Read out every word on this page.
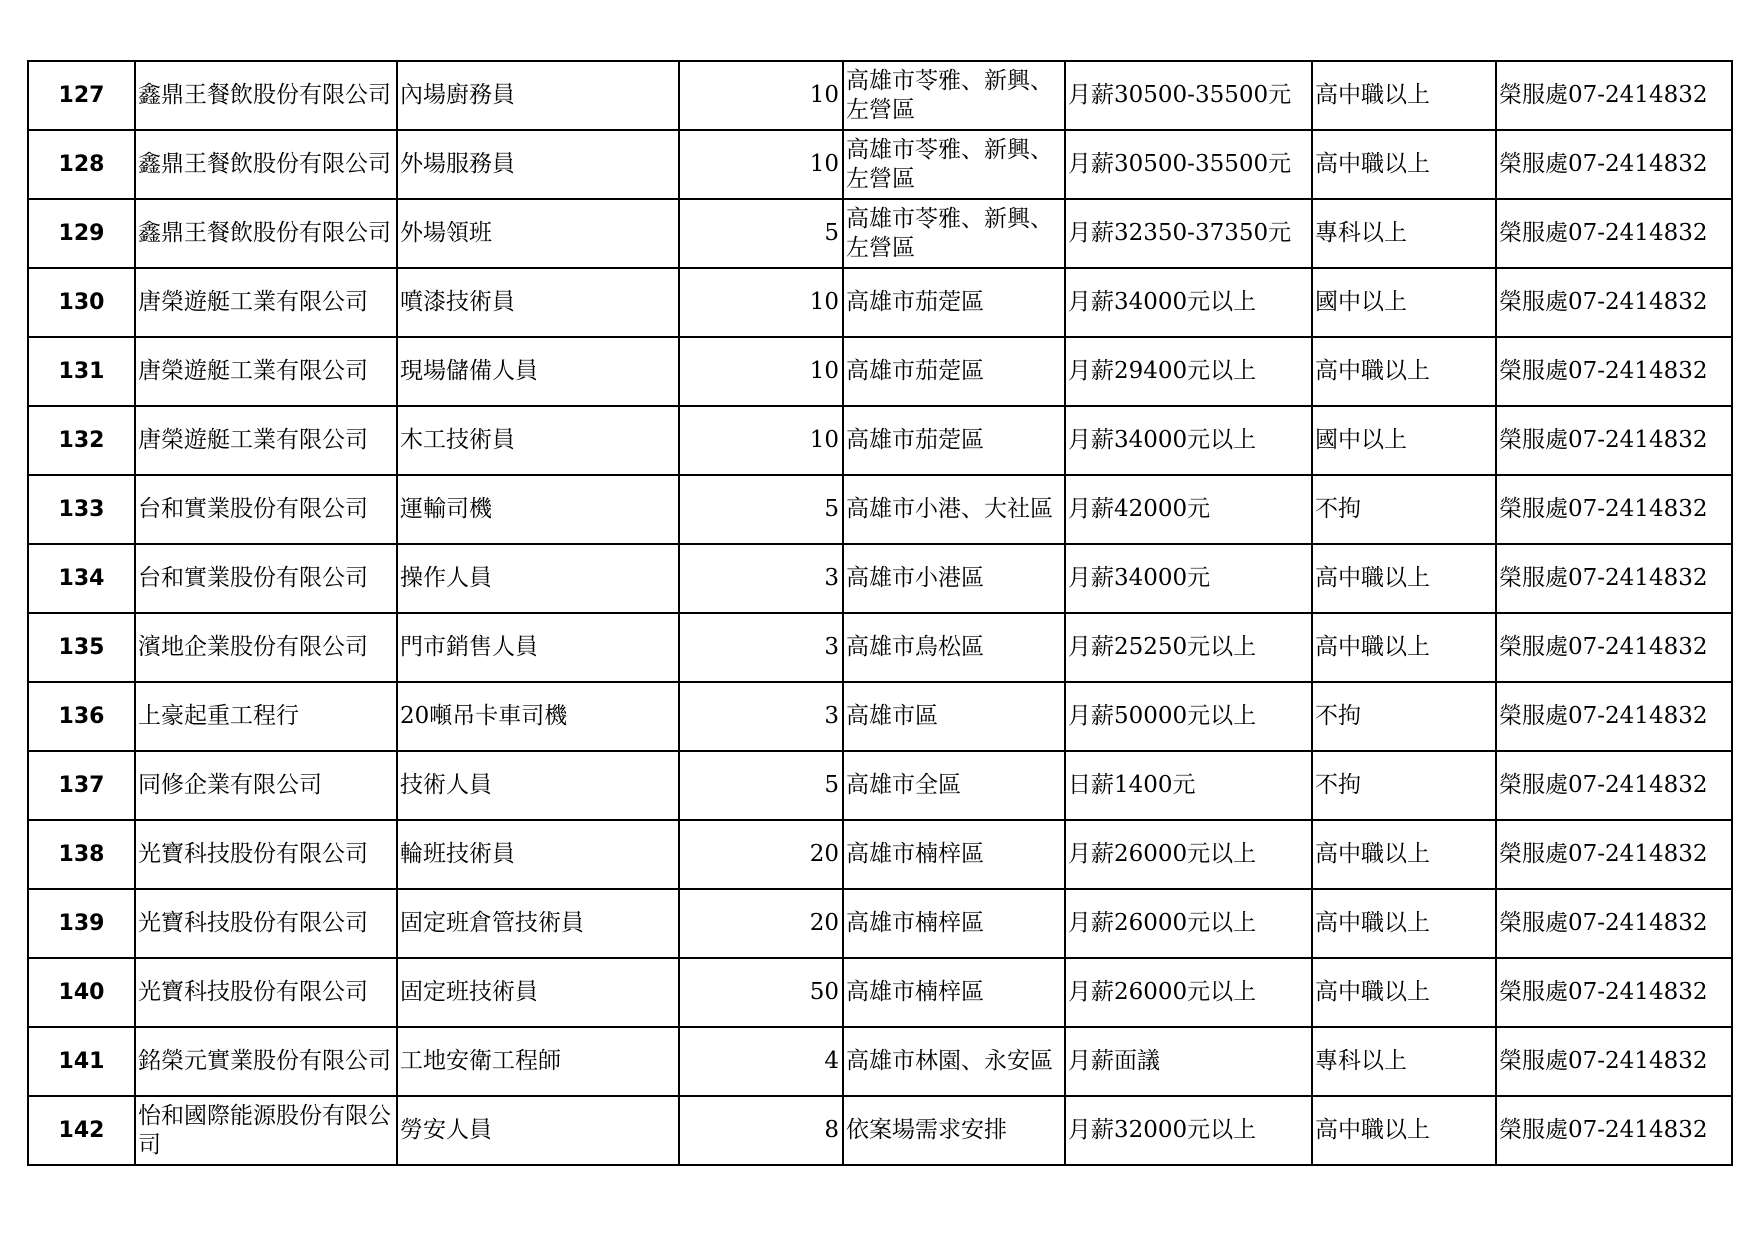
127	鑫鼎王餐飲股份有限公司	內場廚務員	10	高雄市苓雅、新興、左營區	月薪30500-35500元	高中職以上	榮服處07-2414832
128	鑫鼎王餐飲股份有限公司	外場服務員	10	高雄市苓雅、新興、左營區	月薪30500-35500元	高中職以上	榮服處07-2414832
129	鑫鼎王餐飲股份有限公司	外場領班	5	高雄市苓雅、新興、左營區	月薪32350-37350元	專科以上	榮服處07-2414832
130	唐榮遊艇工業有限公司	噴漆技術員	10	高雄市茄萣區	月薪34000元以上	國中以上	榮服處07-2414832
131	唐榮遊艇工業有限公司	現場儲備人員	10	高雄市茄萣區	月薪29400元以上	高中職以上	榮服處07-2414832
132	唐榮遊艇工業有限公司	木工技術員	10	高雄市茄萣區	月薪34000元以上	國中以上	榮服處07-2414832
133	台和實業股份有限公司	運輸司機	5	高雄市小港、大社區	月薪42000元	不拘	榮服處07-2414832
134	台和實業股份有限公司	操作人員	3	高雄市小港區	月薪34000元	高中職以上	榮服處07-2414832
135	濱地企業股份有限公司	門市銷售人員	3	高雄市鳥松區	月薪25250元以上	高中職以上	榮服處07-2414832
136	上豪起重工程行	20噸吊卡車司機	3	高雄市區	月薪50000元以上	不拘	榮服處07-2414832
137	同修企業有限公司	技術人員	5	高雄市全區	日薪1400元	不拘	榮服處07-2414832
138	光寶科技股份有限公司	輪班技術員	20	高雄市楠梓區	月薪26000元以上	高中職以上	榮服處07-2414832
139	光寶科技股份有限公司	固定班倉管技術員	20	高雄市楠梓區	月薪26000元以上	高中職以上	榮服處07-2414832
140	光寶科技股份有限公司	固定班技術員	50	高雄市楠梓區	月薪26000元以上	高中職以上	榮服處07-2414832
141	銘榮元實業股份有限公司	工地安衛工程師	4	高雄市林園、永安區	月薪面議	專科以上	榮服處07-2414832
142	怡和國際能源股份有限公司	勞安人員	8	依案場需求安排	月薪32000元以上	高中職以上	榮服處07-2414832
